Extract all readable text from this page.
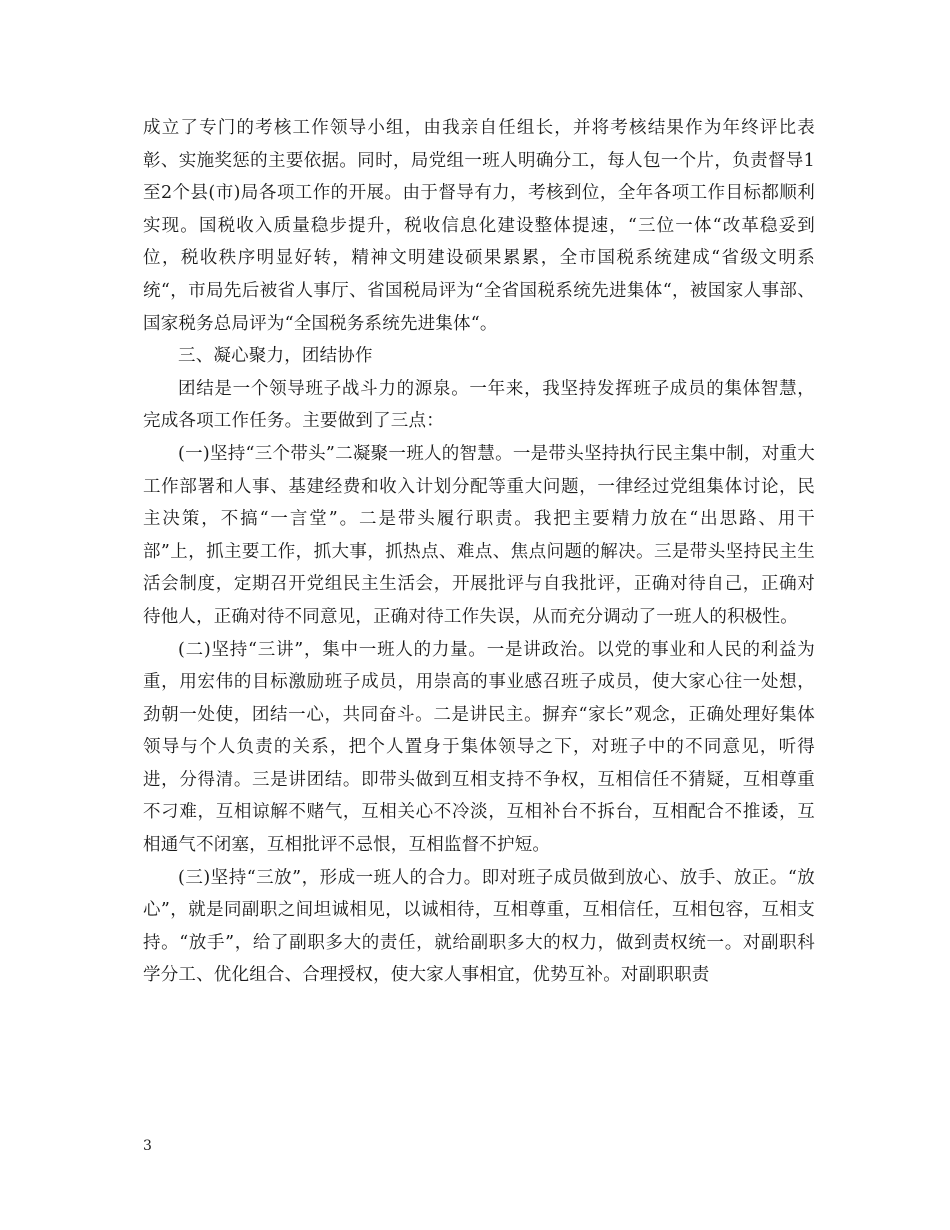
成立了专门的考核工作领导小组，由我亲自任组长，并将考核结果作为年终评比表彰、实施奖惩的主要依据。同时，局党组一班人明确分工，每人包一个片，负责督导1至2个县(市)局各项工作的开展。由于督导有力，考核到位，全年各项工作目标都顺利实现。国税收入质量稳步提升，税收信息化建设整体提速，“三位一体“改革稳妥到位，税收秩序明显好转，精神文明建设硕果累累，全市国税系统建成“省级文明系统“，市局先后被省人事厅、省国税局评为“全省国税系统先进集体“，被国家人事部、国家税务总局评为“全国税务系统先进集体“。

三、凝心聚力，团结协作

团结是一个领导班子战斗力的源泉。一年来，我坚持发挥班子成员的集体智慧，完成各项工作任务。主要做到了三点：

(一)坚持“三个带头”二凝聚一班人的智慧。一是带头坚持执行民主集中制，对重大工作部署和人事、基建经费和收入计划分配等重大问题，一律经过党组集体讨论，民主决策，不搞“一言堂”。二是带头履行职责。我把主要精力放在“出思路、用干部”上，抓主要工作，抓大事，抓热点、难点、焦点问题的解决。三是带头坚持民主生活会制度，定期召开党组民主生活会，开展批评与自我批评，正确对待自己，正确对待他人，正确对待不同意见，正确对待工作失误，从而充分调动了一班人的积极性。

(二)坚持“三讲”，集中一班人的力量。一是讲政治。以党的事业和人民的利益为重，用宏伟的目标激励班子成员，用崇高的事业感召班子成员，使大家心往一处想，劲朝一处使，团结一心，共同奋斗。二是讲民主。摒弃“家长”观念，正确处理好集体领导与个人负责的关系，把个人置身于集体领导之下，对班子中的不同意见，听得进，分得清。三是讲团结。即带头做到互相支持不争权，互相信任不猜疑，互相尊重不刁难，互相谅解不赌气，互相关心不冷淡，互相补台不拆台，互相配合不推诿，互相通气不闭塞，互相批评不忌恨，互相监督不护短。

(三)坚持“三放”，形成一班人的合力。即对班子成员做到放心、放手、放正。“放心”，就是同副职之间坦诚相见，以诚相待，互相尊重，互相信任，互相包容，互相支持。“放手”，给了副职多大的责任，就给副职多大的权力，做到责权统一。对副职科学分工、优化组合、合理授权，使大家人事相宜，优势互补。对副职职责

3
